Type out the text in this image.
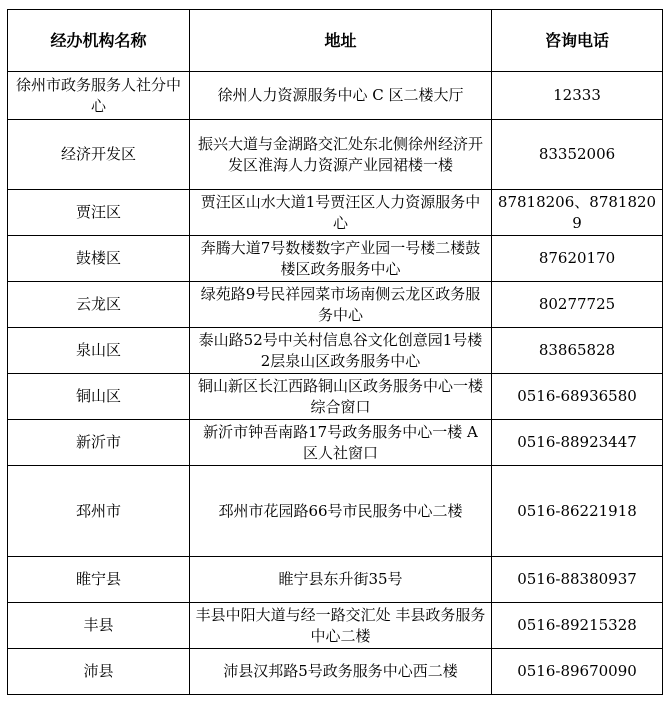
经办机构名称	地址	咨询电话
徐州市政务服务人社分中心	徐州人力资源服务中心 C 区二楼大厅	12333
经济开发区	振兴大道与金湖路交汇处东北侧徐州经济开发区淮海人力资源产业园裙楼一楼	83352006
贾汪区	贾汪区山水大道1号贾汪区人力资源服务中心	87818206、87818209
鼓楼区	奔腾大道7号数楼数字产业园一号楼二楼鼓楼区政务服务中心	87620170
云龙区	绿苑路9号民祥园菜市场南侧云龙区政务服务中心	80277725
泉山区	泰山路52号中关村信息谷文化创意园1号楼2层泉山区政务服务中心	83865828
铜山区	铜山新区长江西路铜山区政务服务中心一楼综合窗口	0516-68936580
新沂市	新沂市钟吾南路17号政务服务中心一楼 A 区人社窗口	0516-88923447
邳州市	邳州市花园路66号市民服务中心二楼	0516-86221918
睢宁县	睢宁县东升街35号	0516-88380937
丰县	丰县中阳大道与经一路交汇处 丰县政务服务中心二楼	0516-89215328
沛县	沛县汉邦路5号政务服务中心西二楼	0516-89670090
